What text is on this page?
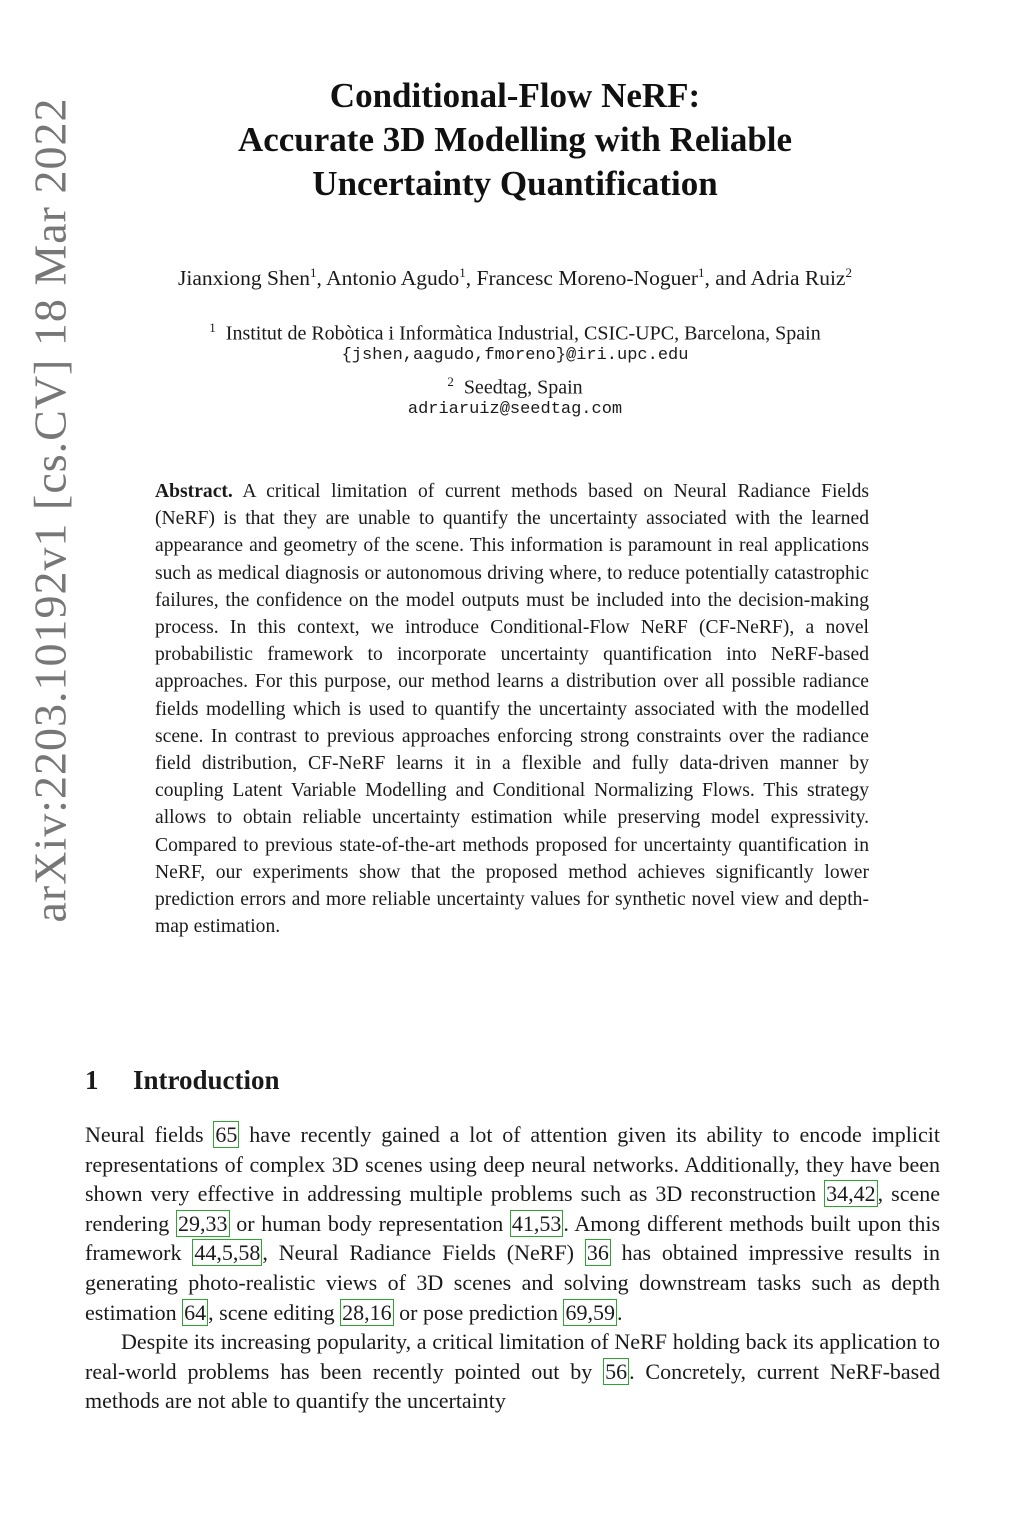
arXiv:2203.10192v1 [cs.CV] 18 Mar 2022
Conditional-Flow NeRF:
Accurate 3D Modelling with Reliable
Uncertainty Quantification
Jianxiong Shen$^1$, Antonio Agudo$^1$, Francesc Moreno-Noguer$^1$, and Adria Ruiz$^2$
$^1$ Institut de Robòtica i Informàtica Industrial, CSIC-UPC, Barcelona, Spain
{jshen,aagudo,fmoreno}@iri.upc.edu
$^2$ Seedtag, Spain
adriaruiz@seedtag.com
Abstract. A critical limitation of current methods based on Neural Radiance Fields (NeRF) is that they are unable to quantify the uncertainty associated with the learned appearance and geometry of the scene. This information is paramount in real applications such as medical diagnosis or autonomous driving where, to reduce potentially catastrophic failures, the confidence on the model outputs must be included into the decision-making process. In this context, we introduce Conditional-Flow NeRF (CF-NeRF), a novel probabilistic framework to incorporate uncertainty quantification into NeRF-based approaches. For this purpose, our method learns a distribution over all possible radiance fields modelling which is used to quantify the uncertainty associated with the modelled scene. In contrast to previous approaches enforcing strong constraints over the radiance field distribution, CF-NeRF learns it in a flexible and fully data-driven manner by coupling Latent Variable Modelling and Conditional Normalizing Flows. This strategy allows to obtain reliable uncertainty estimation while preserving model expressivity. Compared to previous state-of-the-art methods proposed for uncertainty quantification in NeRF, our experiments show that the proposed method achieves significantly lower prediction errors and more reliable uncertainty values for synthetic novel view and depth-map estimation.
1 Introduction

Neural fields 65 have recently gained a lot of attention given its ability to encode implicit representations of complex 3D scenes using deep neural networks. Additionally, they have been shown very effective in addressing multiple problems such as 3D reconstruction 34,42, scene rendering 29,33 or human body representation 41,53. Among different methods built upon this framework 44,5,58, Neural Radiance Fields (NeRF) 36 has obtained impressive results in generating photo-realistic views of 3D scenes and solving downstream tasks such as depth estimation 64, scene editing 28,16 or pose prediction 69,59.

Despite its increasing popularity, a critical limitation of NeRF holding back its application to real-world problems has been recently pointed out by 56. Concretely, current NeRF-based methods are not able to quantify the uncertainty
